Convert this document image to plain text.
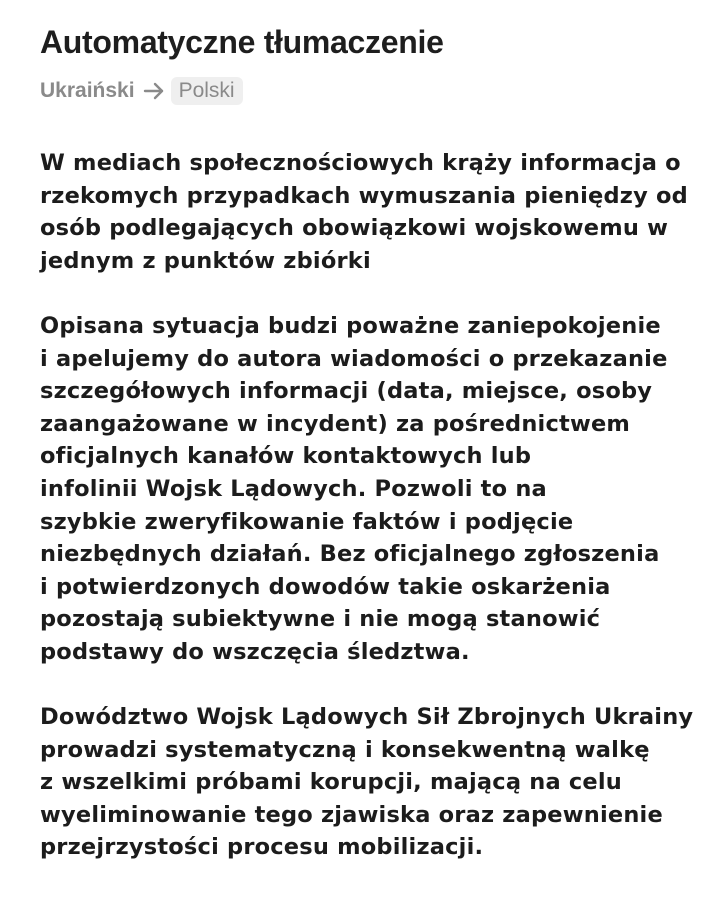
Automatyczne tłumaczenie
Ukraiński	Polski

W mediach społecznościowych krąży informacja o
rzekomych przypadkach wymuszania pieniędzy od
osób podlegających obowiązkowi wojskowemu w
jednym z punktów zbiórki

Opisana sytuacja budzi poważne zaniepokojenie
i apelujemy do autora wiadomości o przekazanie
szczegółowych informacji (data, miejsce, osoby
zaangażowane w incydent) za pośrednictwem
oficjalnych kanałów kontaktowych lub
infolinii Wojsk Lądowych. Pozwoli to na
szybkie zweryfikowanie faktów i podjęcie
niezbędnych działań. Bez oficjalnego zgłoszenia
i potwierdzonych dowodów takie oskarżenia
pozostają subiektywne i nie mogą stanowić
podstawy do wszczęcia śledztwa.

Dowództwo Wojsk Lądowych Sił Zbrojnych Ukrainy
prowadzi systematyczną i konsekwentną walkę
z wszelkimi próbami korupcji, mającą na celu
wyeliminowanie tego zjawiska oraz zapewnienie
przejrzystości procesu mobilizacji.
